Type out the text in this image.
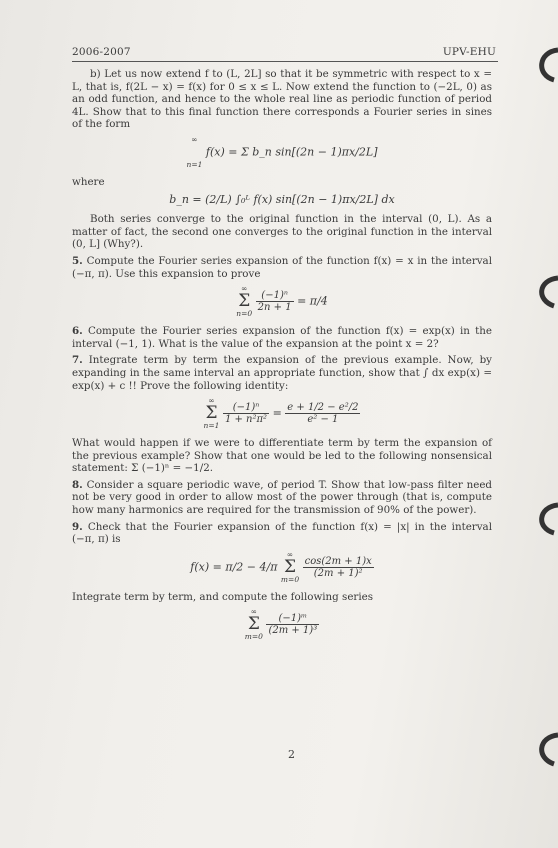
2006-2007	UPV-EHU

b) Let us now extend f to (L, 2L] so that it be symmetric with respect to x = L, that is, f(2L − x) = f(x) for 0 ≤ x ≤ L. Now extend the function to (−2L, 0) as an odd function, and hence to the whole real line as periodic function of period 4L. Show that to this final function there corresponds a Fourier series in sines of the form

∞

n=1 f(x) = Σ b_n sin[(2n − 1)πx/2L]

where

b_n = (2/L) ∫₀ᴸ f(x) sin[(2n − 1)πx/2L] dx

Both series converge to the original function in the interval (0, L). As a matter of fact, the second one converges to the original function in the interval (0, L] (Why?).

5. Compute the Fourier series expansion of the function f(x) = x in the interval (−π, π). Use this expansion to prove

∞
Σ
n=0
$\frac{\text{(−1)ⁿ}}{2n + 1} = \pi/4$

6. Compute the Fourier series expansion of the function f(x) = exp(x) in the interval (−1, 1). What is the value of the expansion at the point x = 2?

7. Integrate term by term the expansion of the previous example. Now, by expanding in the same interval an appropriate function, show that ∫ dx exp(x) = exp(x) + c !! Prove the following identity:

∞
Σ
n=1
$\frac{\text{(−1)ⁿ}}{\text{1 + n²π²}} = \frac{\text{e + 1/2 − e²/2}}{\text{e² − 1}}$

What would happen if we were to differentiate term by term the expansion of the previous example? Show that one would be led to the following nonsensical statement: Σ (−1)ⁿ = −1/2.

8. Consider a square periodic wave, of period T. Show that low-pass filter need not be very good in order to allow most of the power through (that is, compute how many harmonics are required for the transmission of 90% of the power).

9. Check that the Fourier expansion of the function f(x) = |x| in the interval (−π, π) is

f(x) = π/2 − 4/π ∞
Σ
m=0
$\frac{\cos(2m + 1)x}{\text{(2m + 1)²}}$

Integrate term by term, and compute the following series

∞
Σ
m=0
$\frac{\text{(−1)ᵐ}}{\text{(2m + 1)³}}$
2
